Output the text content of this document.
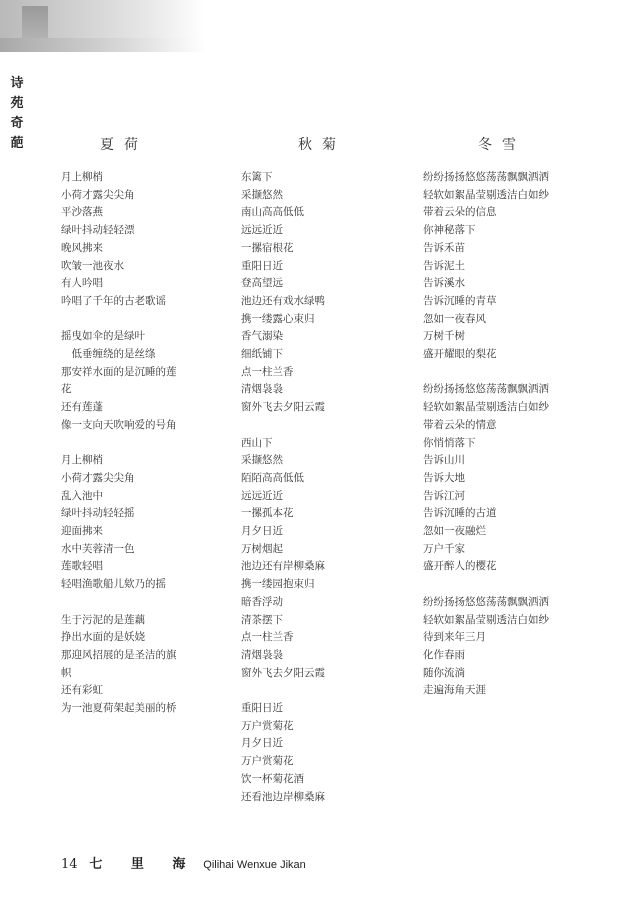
诗
苑
奇
葩	夏荷
月上柳梢
小荷才露尖尖角
平沙落燕
绿叶抖动轻轻漂
晚风拂来
吹皱一池夜水
有人吟唱
吟唱了千年的古老歌谣
摇曳如伞的是绿叶
　低垂缠绕的是丝绦
那安祥水面的是沉睡的莲
花
还有莲蓬
像一支向天吹响爱的号角
月上柳梢
小荷才露尖尖角
乱入池中
绿叶抖动轻轻摇
迎面拂来
水中芙蓉清一色
莲歌轻唱
轻唱渔歌船儿欸乃的摇
生于污泥的是莲藕
挣出水面的是妖娆
那迎风招展的是圣洁的旗
帜
还有彩虹
为一池夏荷架起美丽的桥
秋菊
东篱下
采撷悠然
南山高高低低
远远近近
一摞宿根花
重阳日近
登高望远
池边还有戏水绿鸭
携一缕露心束归
香气溺染
细纸铺下
点一柱兰香
清烟袅袅
窗外飞去夕阳云霞
西山下
采撷悠然
陌陌高高低低
远远近近
一摞孤本花
月夕日近
万树烟起
池边还有岸柳桑麻
携一缕园抱束归
暗香浮动
清茶摆下
点一柱兰香
清烟袅袅
窗外飞去夕阳云霞
重阳日近
万户赏菊花
月夕日近
万户赏菊花
饮一杯菊花酒
还看池边岸柳桑麻
冬雪
纷纷扬扬悠悠荡荡飘飘洒洒
轻软如絮晶莹剔透洁白如纱
带着云朵的信息
你神秘落下
告诉禾苗
告诉泥土
告诉溪水
告诉沉睡的青草
忽如一夜春风
万树千树
盛开耀眼的梨花
纷纷扬扬悠悠荡荡飘飘洒洒
轻软如絮晶莹剔透洁白如纱
带着云朵的情意
你悄悄落下
告诉山川
告诉大地
告诉江河
告诉沉睡的古道
忽如一夜融烂
万户千家
盛开醉人的樱花
纷纷扬扬悠悠荡荡飘飘洒洒
轻软如絮晶莹剔透洁白如纱
待到来年三月
化作春雨
随你流淌
走遍海角天涯
14 七 里 海 Qilihai Wenxue Jikan
